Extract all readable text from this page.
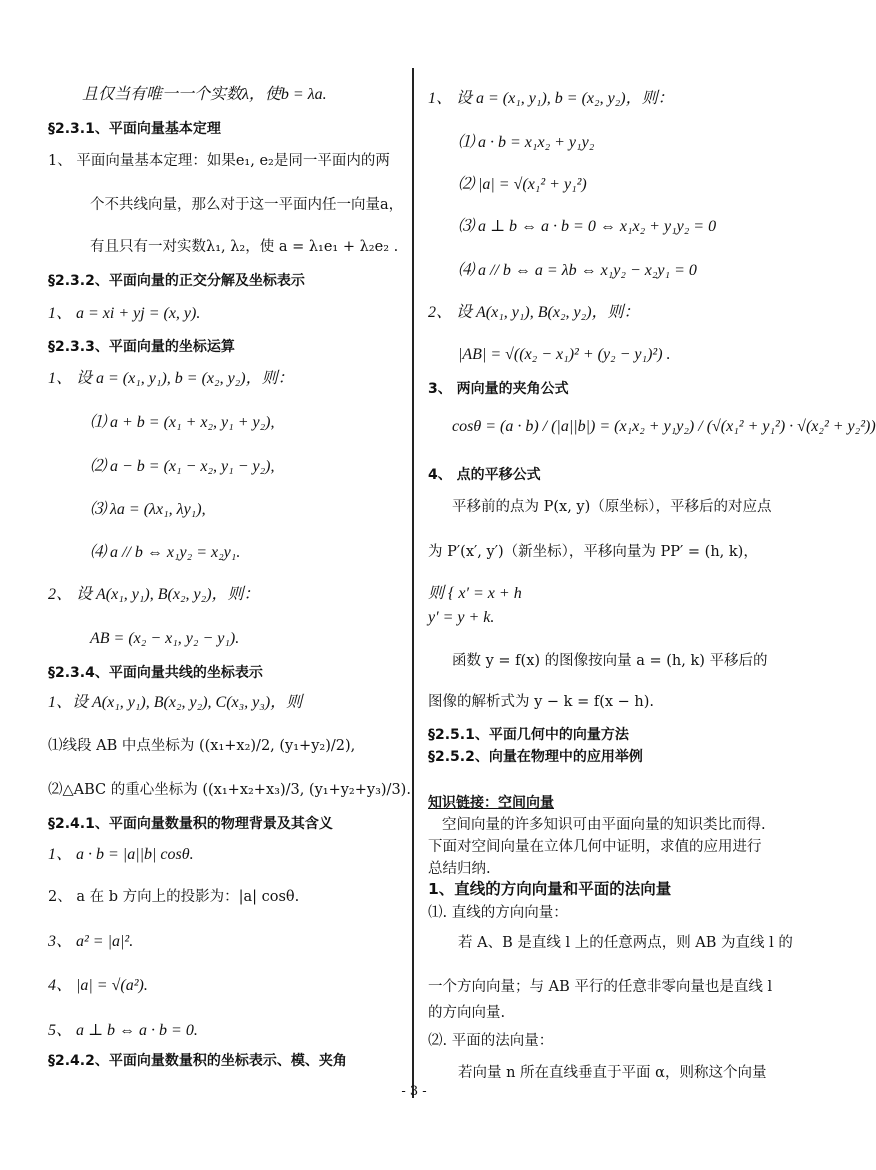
且仅当有唯一一个实数λ，使b = λa.
§2.3.1、平面向量基本定理
1、 平面向量基本定理：如果e₁, e₂是同一平面内的两
个不共线向量，那么对于这一平面内任一向量a，
有且只有一对实数λ₁, λ₂，使 a = λ₁e₁ + λ₂e₂ .
§2.3.2、平面向量的正交分解及坐标表示
1、 a = xi + yj = (x, y).
§2.3.3、平面向量的坐标运算
1、 设 a = (x₁, y₁), b = (x₂, y₂)，则：
⑴ a + b = (x₁ + x₂, y₁ + y₂),
⑵ a − b = (x₁ − x₂, y₁ − y₂),
⑶ λa = (λx₁, λy₁),
⑷ a // b ⇔ x₁y₂ = x₂y₁.
2、 设 A(x₁, y₁), B(x₂, y₂)，则：
AB = (x₂ − x₁, y₂ − y₁).
§2.3.4、平面向量共线的坐标表示
1、设 A(x₁, y₁), B(x₂, y₂), C(x₃, y₃)，则
⑴线段 AB 中点坐标为 ((x₁+x₂)/2, (y₁+y₂)/2),
⑵△ABC 的重心坐标为 ((x₁+x₂+x₃)/3, (y₁+y₂+y₃)/3).
§2.4.1、平面向量数量积的物理背景及其含义
1、 a · b = |a||b| cosθ.
2、 a 在 b 方向上的投影为：|a| cosθ.
3、 a² = |a|².
4、 |a| = √(a²).
5、 a ⊥ b ⇔ a · b = 0.
§2.4.2、平面向量数量积的坐标表示、模、夹角
1、 设 a = (x₁, y₁), b = (x₂, y₂)，则：
⑴ a · b = x₁x₂ + y₁y₂
⑵ |a| = √(x₁² + y₁²)
⑶ a ⊥ b ⇔ a · b = 0 ⇔ x₁x₂ + y₁y₂ = 0
⑷ a // b ⇔ a = λb ⇔ x₁y₂ − x₂y₁ = 0
2、 设 A(x₁, y₁), B(x₂, y₂)，则：
|AB| = √((x₂ − x₁)² + (y₂ − y₁)²) .
3、 两向量的夹角公式
cosθ = (a · b) / (|a||b|) = (x₁x₂ + y₁y₂) / (√(x₁² + y₁²) · √(x₂² + y₂²))
4、 点的平移公式
平移前的点为 P(x, y)（原坐标），平移后的对应点
为 P′(x′, y′)（新坐标），平移向量为 PP′ = (h, k)，
则 { x′ = x + h
y′ = y + k.
函数 y = f(x) 的图像按向量 a = (h, k) 平移后的
图像的解析式为 y − k = f(x − h).
§2.5.1、平面几何中的向量方法
§2.5.2、向量在物理中的应用举例
知识链接：空间向量
空间向量的许多知识可由平面向量的知识类比而得.
下面对空间向量在立体几何中证明，求值的应用进行
总结归纳.
1、直线的方向向量和平面的法向量
⑴. 直线的方向向量：
若 A、B 是直线 l 上的任意两点，则 AB 为直线 l 的
一个方向向量；与 AB 平行的任意非零向量也是直线 l
的方向向量.
⑵. 平面的法向量：
若向量 n 所在直线垂直于平面 α，则称这个向量
- 3 -
